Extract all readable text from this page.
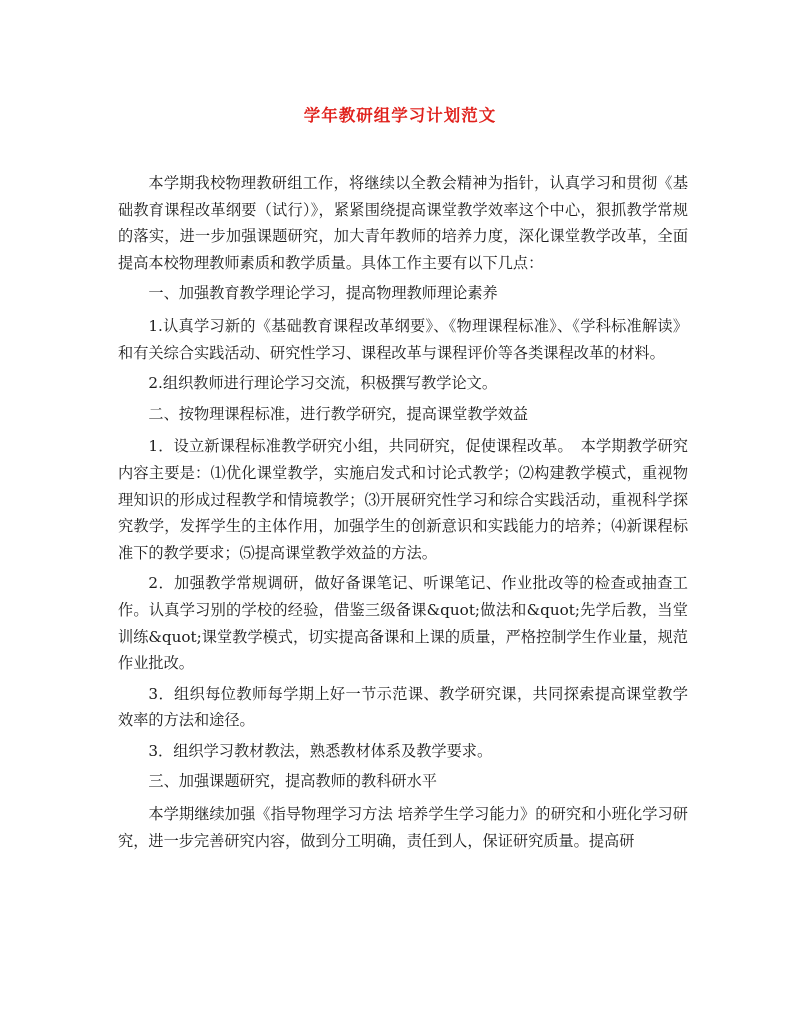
学年教研组学习计划范文

本学期我校物理教研组工作，将继续以全教会精神为指针，认真学习和贯彻《基础教育课程改革纲要（试行）》，紧紧围绕提高课堂教学效率这个中心，狠抓教学常规的落实，进一步加强课题研究，加大青年教师的培养力度，深化课堂教学改革，全面提高本校物理教师素质和教学质量。具体工作主要有以下几点：

一、加强教育教学理论学习，提高物理教师理论素养

1.认真学习新的《基础教育课程改革纲要》、《物理课程标准》、《学科标准解读》和有关综合实践活动、研究性学习、课程改革与课程评价等各类课程改革的材料。

2.组织教师进行理论学习交流，积极撰写教学论文。

二、按物理课程标准，进行教学研究，提高课堂教学效益

1．设立新课程标准教学研究小组，共同研究，促使课程改革。　本学期教学研究内容主要是：⑴优化课堂教学，实施启发式和讨论式教学；⑵构建教学模式，重视物理知识的形成过程教学和情境教学；⑶开展研究性学习和综合实践活动，重视科学探究教学，发挥学生的主体作用，加强学生的创新意识和实践能力的培养；⑷新课程标准下的教学要求；⑸提高课堂教学效益的方法。

2．加强教学常规调研，做好备课笔记、听课笔记、作业批改等的检查或抽查工作。认真学习别的学校的经验，借鉴三级备课&quot;做法和&quot;先学后教，当堂训练&quot;课堂教学模式，切实提高备课和上课的质量，严格控制学生作业量，规范作业批改。

3．组织每位教师每学期上好一节示范课、教学研究课，共同探索提高课堂教学效率的方法和途径。

3．组织学习教材教法，熟悉教材体系及教学要求。

三、加强课题研究，提高教师的教科研水平

本学期继续加强《指导物理学习方法 培养学生学习能力》的研究和小班化学习研究，进一步完善研究内容，做到分工明确，责任到人，保证研究质量。提高研
